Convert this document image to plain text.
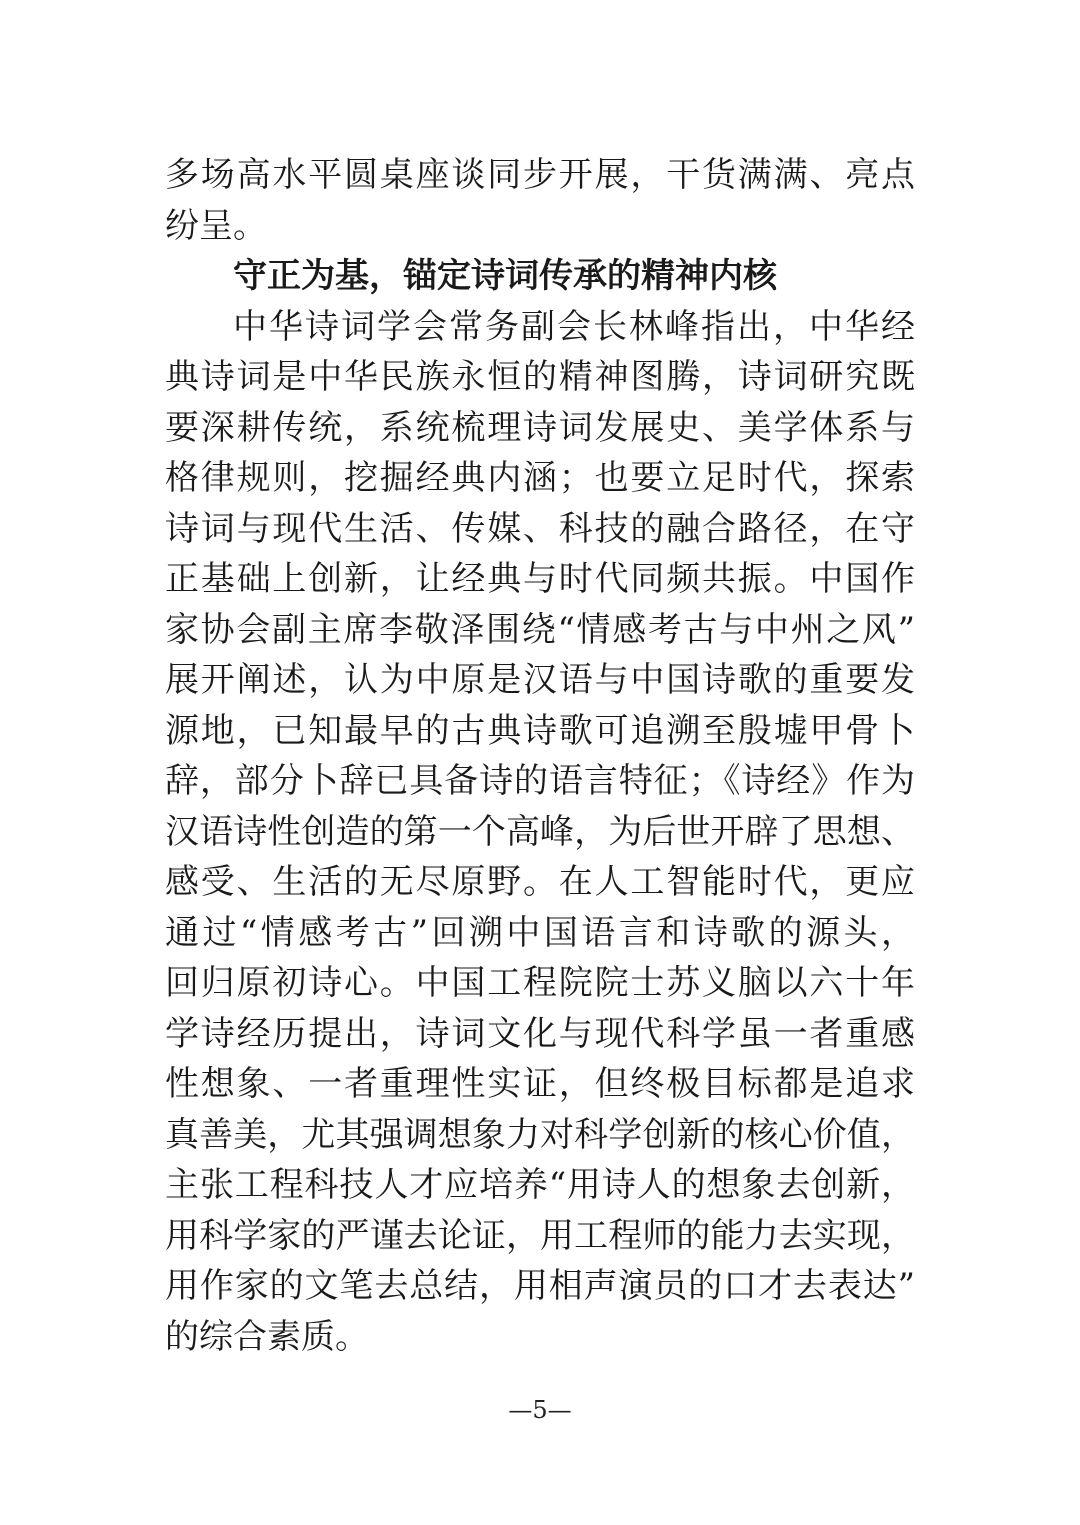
多场高水平圆桌座谈同步开展，干货满满、亮点
纷呈。
守正为基，锚定诗词传承的精神内核
中华诗词学会常务副会长林峰指出，中华经
典诗词是中华民族永恒的精神图腾，诗词研究既
要深耕传统，系统梳理诗词发展史、美学体系与
格律规则，挖掘经典内涵；也要立足时代，探索
诗词与现代生活、传媒、科技的融合路径，在守
正基础上创新，让经典与时代同频共振。中国作
家协会副主席李敬泽围绕“情感考古与中州之风”
展开阐述，认为中原是汉语与中国诗歌的重要发
源地，已知最早的古典诗歌可追溯至殷墟甲骨卜
辞，部分卜辞已具备诗的语言特征；《诗经》作为
汉语诗性创造的第一个高峰，为后世开辟了思想、
感受、生活的无尽原野。在人工智能时代，更应
通过“情感考古”回溯中国语言和诗歌的源头，
回归原初诗心。中国工程院院士苏义脑以六十年
学诗经历提出，诗词文化与现代科学虽一者重感
性想象、一者重理性实证，但终极目标都是追求
真善美，尤其强调想象力对科学创新的核心价值，
主张工程科技人才应培养“用诗人的想象去创新，
用科学家的严谨去论证，用工程师的能力去实现，
用作家的文笔去总结，用相声演员的口才去表达”
的综合素质。
—5—
